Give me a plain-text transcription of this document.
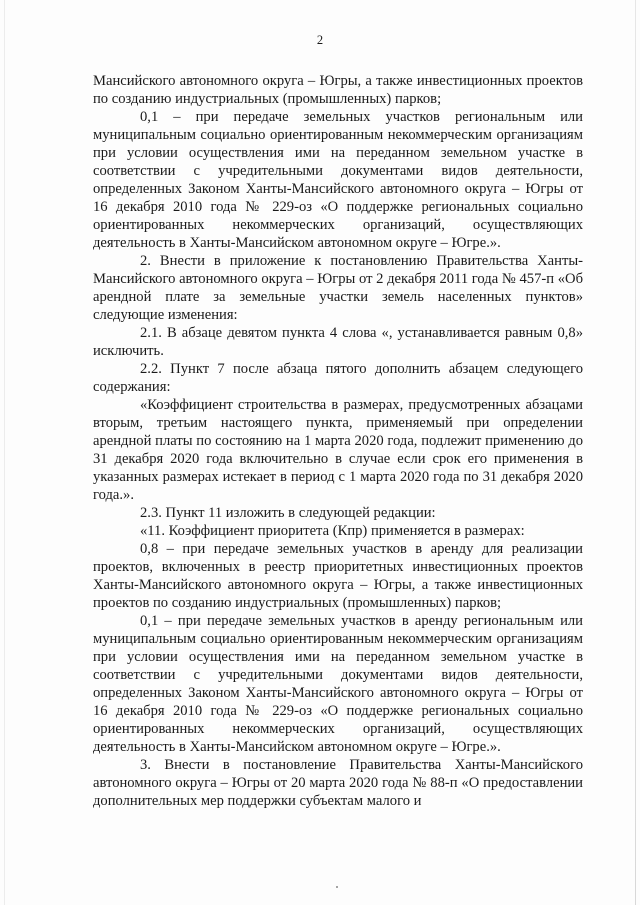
2

Мансийского автономного округа – Югры, а также инвестиционных проектов по созданию индустриальных (промышленных) парков;

0,1 – при передаче земельных участков региональным или муниципальным социально ориентированным некоммерческим организациям при условии осуществления ими на переданном земельном участке в соответствии с учредительными документами видов деятельности, определенных Законом Ханты-Мансийского автономного округа – Югры от 16 декабря 2010 года № 229-оз «О поддержке региональных социально ориентированных некоммерческих организаций, осуществляющих деятельность в Ханты-Мансийском автономном округе – Югре.».

2. Внести в приложение к постановлению Правительства Ханты-Мансийского автономного округа – Югры от 2 декабря 2011 года № 457-п «Об арендной плате за земельные участки земель населенных пунктов» следующие изменения:

2.1. В абзаце девятом пункта 4 слова «, устанавливается равным 0,8» исключить.

2.2. Пункт 7 после абзаца пятого дополнить абзацем следующего содержания:

«Коэффициент строительства в размерах, предусмотренных абзацами вторым, третьим настоящего пункта, применяемый при определении арендной платы по состоянию на 1 марта 2020 года, подлежит применению до 31 декабря 2020 года включительно в случае если срок его применения в указанных размерах истекает в период с 1 марта 2020 года по 31 декабря 2020 года.».

2.3. Пункт 11 изложить в следующей редакции:

«11. Коэффициент приоритета (Кпр) применяется в размерах:

0,8 – при передаче земельных участков в аренду для реализации проектов, включенных в реестр приоритетных инвестиционных проектов Ханты-Мансийского автономного округа – Югры, а также инвестиционных проектов по созданию индустриальных (промышленных) парков;

0,1 – при передаче земельных участков в аренду региональным или муниципальным социально ориентированным некоммерческим организациям при условии осуществления ими на переданном земельном участке в соответствии с учредительными документами видов деятельности, определенных Законом Ханты-Мансийского автономного округа – Югры от 16 декабря 2010 года № 229-оз «О поддержке региональных социально ориентированных некоммерческих организаций, осуществляющих деятельность в Ханты-Мансийском автономном округе – Югре.».

3. Внести в постановление Правительства Ханты-Мансийского автономного округа – Югры от 20 марта 2020 года № 88-п «О предоставлении дополнительных мер поддержки субъектам малого и
